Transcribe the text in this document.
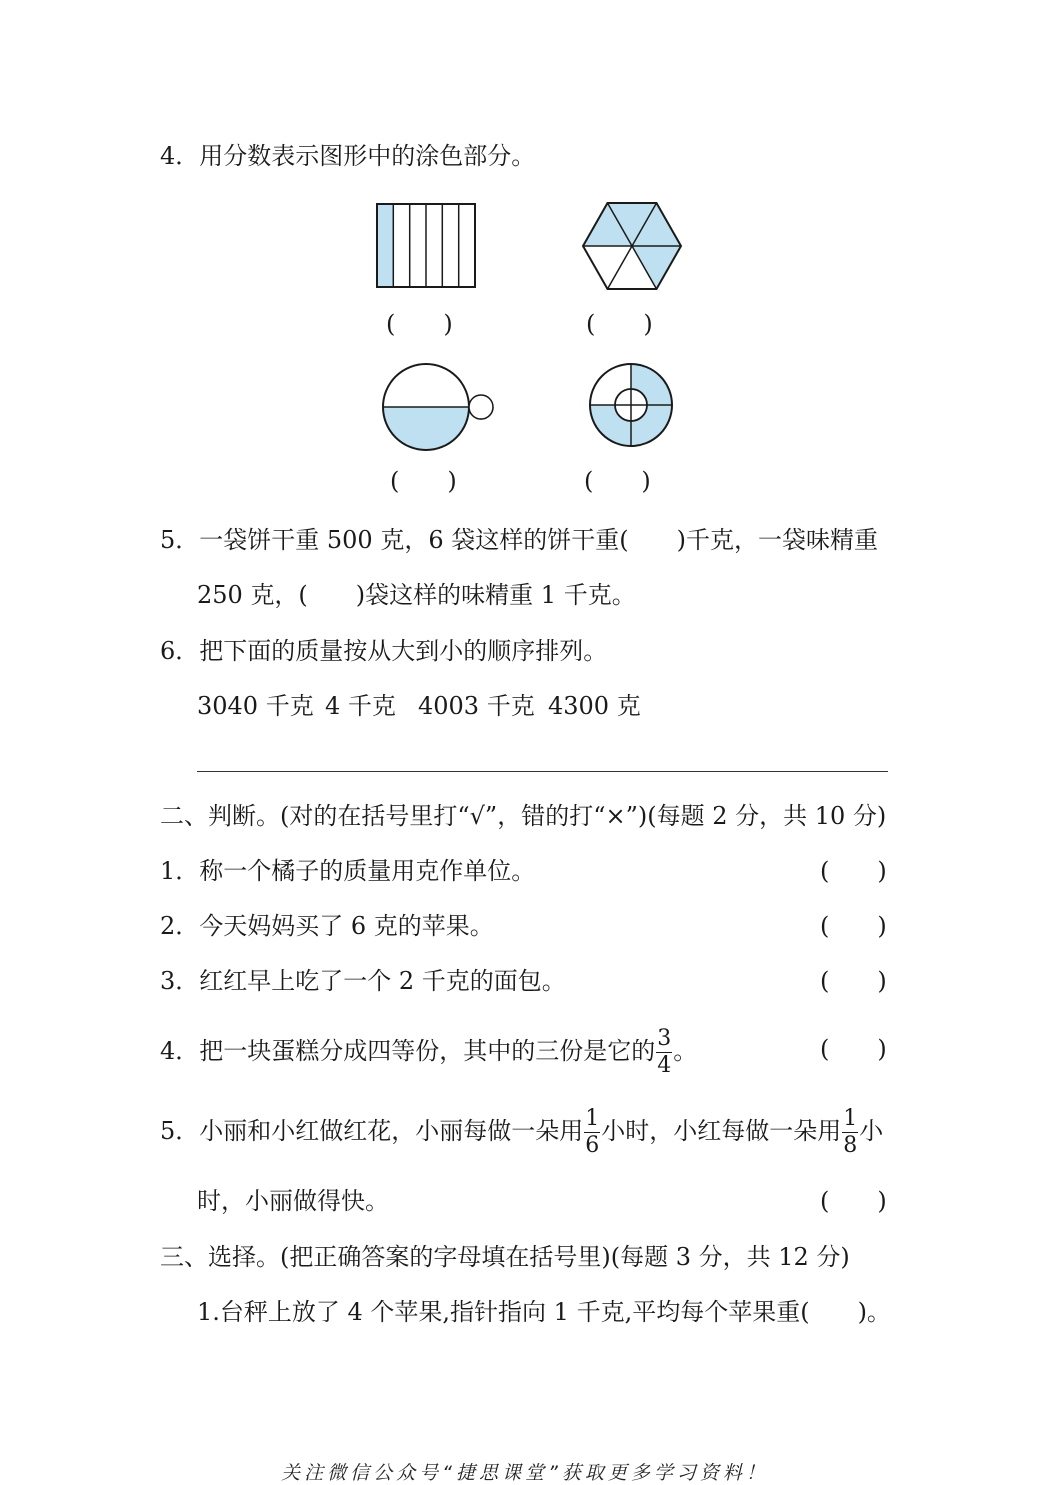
4．用分数表示图形中的涂色部分。
(　　)	(　　)
(　　)	(　　)
5．一袋饼干重 500 克，6 袋这样的饼干重(　　)千克，一袋味精重
250 克，(　　)袋这样的味精重 1 千克。
6．把下面的质量按从大到小的顺序排列。
3040 千克 4 千克 4003 千克 4300 克
二、判断。(对的在括号里打“√”，错的打“×”)(每题 2 分，共 10 分)
1．称一个橘子的质量用克作单位。	(　　)
2．今天妈妈买了 6 克的苹果。	(　　)
3．红红早上吃了一个 2 千克的面包。	(　　)
4．把一块蛋糕分成四等份，其中的三份是它的 $\frac{3}{4}$ 。	(　　)
5．小丽和小红做红花，小丽每做一朵用 $\frac{1}{6}$ 小时，小红每做一朵用 $\frac{1}{8}$ 小
时，小丽做得快。	(　　)
三、选择。(把正确答案的字母填在括号里)(每题 3 分，共 12 分)
1.台秤上放了 4 个苹果,指针指向 1 千克,平均每个苹果重(　　)。
关注微信公众号“捷思课堂”获取更多学习资料！
